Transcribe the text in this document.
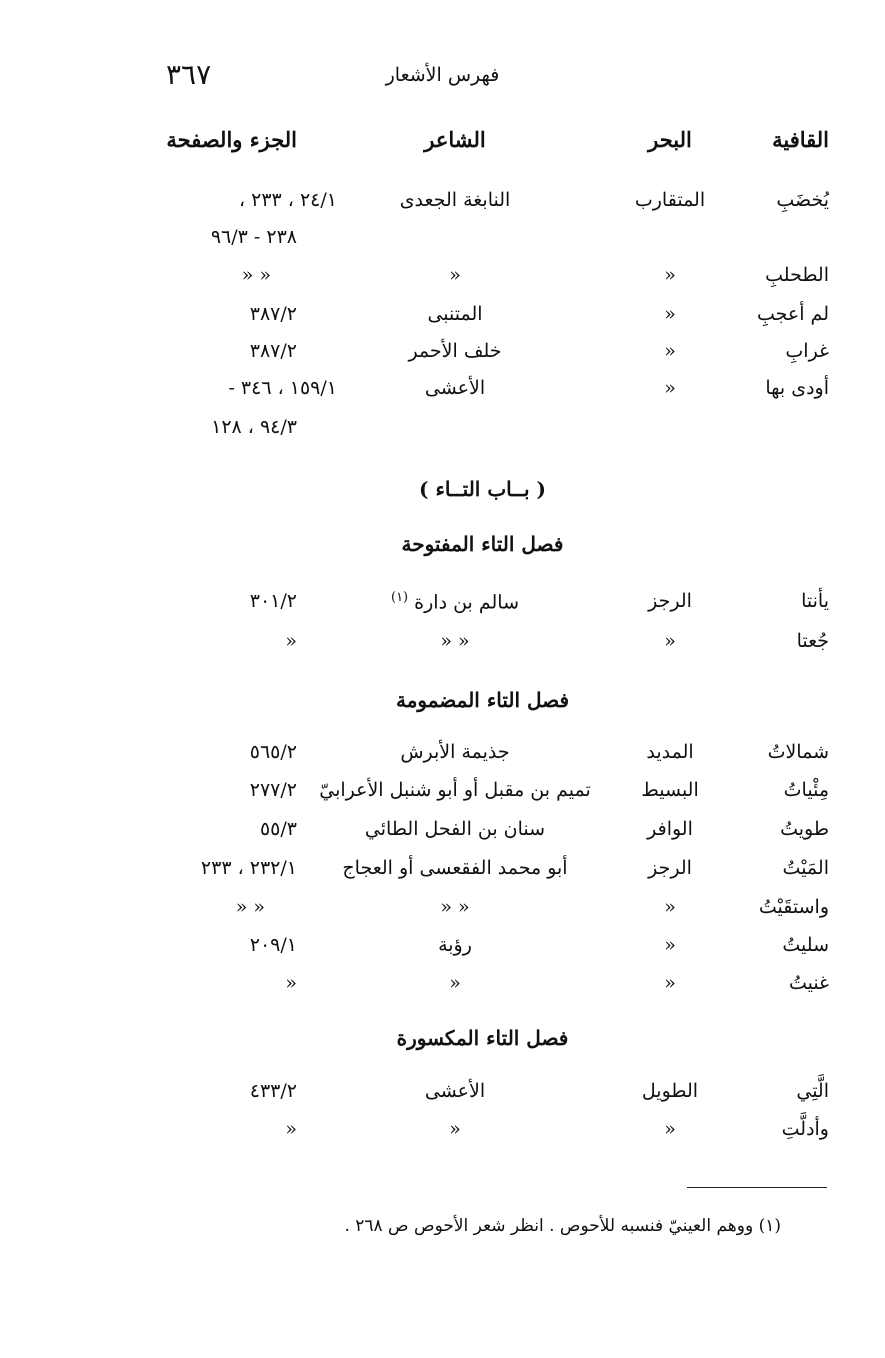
٣٦٧	فهرس الأشعار
القافية
البحر
الشاعر
الجزء والصفحة
يُخضَبِ
المتقارب
النابغة الجعدى
٢٤/١ ، ٢٣٣ ،
٢٣٨ - ٩٦/٣
الطحلبِ
»
»
» »
لم أعجبِ
»
المتنبى
٣٨٧/٢
غرابِ
»
خلف الأحمر
٣٨٧/٢
أودى بها
»
الأعشى
١٥٩/١ ، ٣٤٦ -
٩٤/٣ ، ١٢٨
( بــاب التــاء )
فصل التاء المفتوحة
يأنتا
الرجز
سالم بن دارة $^{(١)}$
٣٠١/٢
جُعتا
»
» »
»
فصل التاء المضمومة
شمالاتُ
المديد
جذيمة الأبرش
٥٦٥/٢
مِئْياتُ
البسيط
تميم بن مقبل أو أبو شنبل الأعرابيّ
٢٧٧/٢
طويتُ
الوافر
سنان بن الفحل الطائي
٥٥/٣
المَيْتُ
الرجز
أبو محمد الفقعسى أو العجاج
٢٣٢/١ ، ٢٣٣
واستقَيْتُ
»
» »
» »
سليتُ
»
رؤبة
٢٠٩/١
غنيتُ
»
»
»
فصل التاء المكسورة
الَّتِي
الطويل
الأعشى
٤٣٣/٢
وأدلَّتِ
»
»
»
(١) ووهم العينيّ فنسبه للأحوص . انظر شعر الأحوص ص ٢٦٨ .
